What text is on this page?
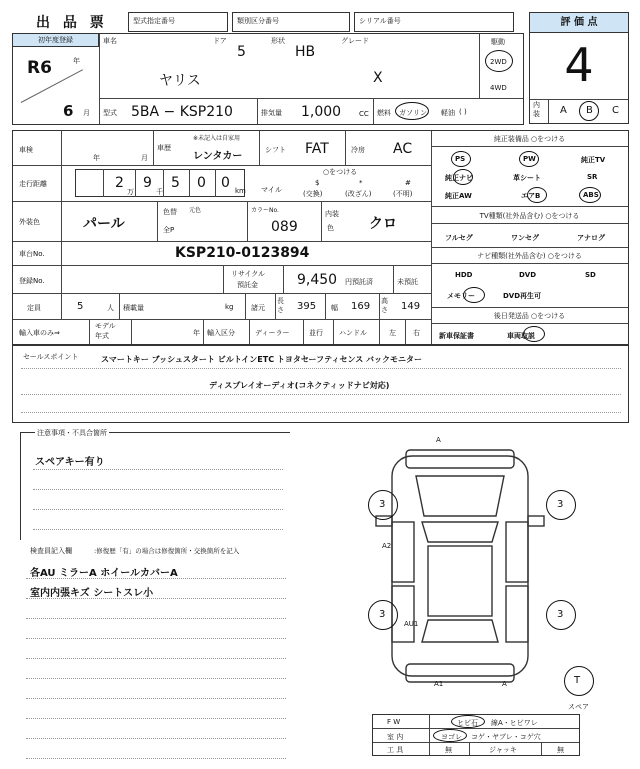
出 品 票	型式指定番号	類別区分番号	シリアル番号	評 価 点
4
内装	A B C
初年度登録
R6	年
6 月
車名
ヤリス
ドア
5
形状
HB
グレード
X
駆動
2WD
4WD
型式 5BA − KSP210	排気量 1,000	CC 燃料 ガソリン 軽油 ( )
車検
年	月
車歴
※未記入は自家用
レンタカー
シフト FAT	冷房 AC
走行距離	2
万
9
千
5 0 0 km
○をつける
マイル
$
(交換)
*
(改ざん)
#
(不明)
外装色	パール
色替
全P
元色	カラーNo.
089
内装
色	クロ
車台No.	KSP210-0123894
登録No.
リサイクル
預託金	9,450 円預託済	未預託
定員	5	人 積載量	kg	諸元
長さ	395 幅 169 高さ	149
輸入車のみ⇒
モデル
年式	年 輸入区分	ディーラー	並行 ハンドル	左 右
純正装備品 ○をつける
PS	PW	純正TV
純正ナビ	革シート	SR
純正AW	エアB	ABS
TV種類(社外品含む) ○をつける
フルセグ	ワンセグ	アナログ
ナビ種類(社外品含む) ○をつける
HDD	DVD	SD
メモリー	DVD再生可
後日発送品 ○をつける
新車保証書	車両取説
セールスポイント	スマートキー ブッシュスタート ビルトインETC トヨタセーフティセンス バックモニター
ディスプレイオーディオ(コネクティッドナビ対応)
注意事項・不具合箇所
スペアキー有り
検査員記入欄	:修復歴「有」の場合は修復箇所・交換箇所を記入
各AU ミラーA ホイールカバーA
室内内張キズ シートスレ小
A
A2
AU1
A1	A
3	3
3	3
T
スペア
F W	ヒビ石 線A・ヒビワレ
室 内	ヨゴレ コゲ・ヤブレ・コゲ穴
工 具	無	ジャッキ	無
